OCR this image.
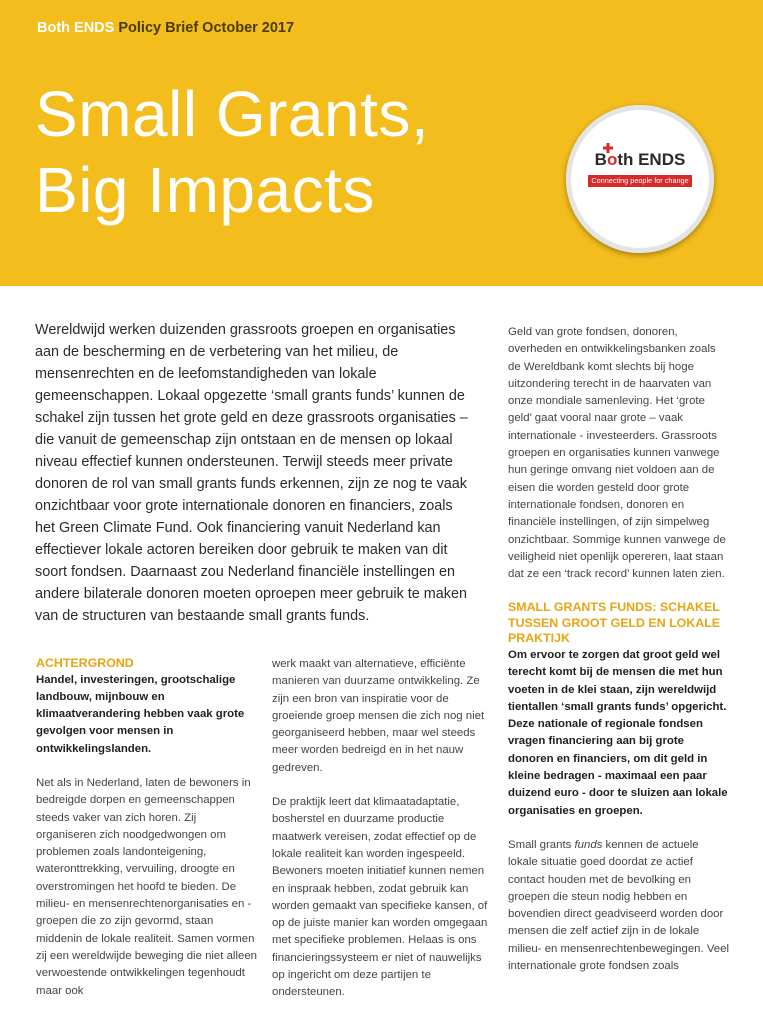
Both ENDS Policy Brief October 2017
Small Grants,
Big Impacts	Both ENDS
Connecting people for change
Wereldwijd werken duizenden grassroots groepen en organisaties aan de bescherming en de verbetering van het milieu, de mensenrechten en de leefomstandigheden van lokale gemeenschappen. Lokaal opgezette ‘small grants funds’ kunnen de schakel zijn tussen het grote geld en deze grassroots organisaties – die vanuit de gemeenschap zijn ontstaan en de mensen op lokaal niveau effectief kunnen ondersteunen. Terwijl steeds meer private donoren de rol van small grants funds erkennen, zijn ze nog te vaak onzichtbaar voor grote internationale donoren en financiers, zoals het Green Climate Fund. Ook financiering vanuit Nederland kan effectiever lokale actoren bereiken door gebruik te maken van dit soort fondsen. Daarnaast zou Nederland financiële instellingen en andere bilaterale donoren moeten oproepen meer gebruik te maken van de structuren van bestaande small grants funds.

ACHTERGROND

Handel, investeringen, grootschalige landbouw, mijnbouw en klimaatverandering hebben vaak grote gevolgen voor mensen in ontwikkelingslanden.

Net als in Nederland, laten de bewoners in bedreigde dorpen en gemeenschappen steeds vaker van zich horen. Zij organiseren zich noodgedwongen om problemen zoals landonteigening, wateronttrekking, vervuiling, droogte en overstromingen het hoofd te bieden. De milieu- en mensenrechtenorganisaties en -groepen die zo zijn gevormd, staan middenin de lokale realiteit. Samen vormen zij een wereldwijde beweging die niet alleen verwoestende ontwikkelingen tegenhoudt maar ook

werk maakt van alternatieve, efficiënte manieren van duurzame ontwikkeling. Ze zijn een bron van inspiratie voor de groeiende groep mensen die zich nog niet georganiseerd hebben, maar wel steeds meer worden bedreigd en in het nauw gedreven.

De praktijk leert dat klimaatadaptatie, bosherstel en duurzame productie maatwerk vereisen, zodat effectief op de lokale realiteit kan worden ingespeeld. Bewoners moeten initiatief kunnen nemen en inspraak hebben, zodat gebruik kan worden gemaakt van specifieke kansen, of op de juiste manier kan worden omgegaan met specifieke problemen. Helaas is ons financieringssysteem er niet of nauwelijks op ingericht om deze partijen te ondersteunen.

Geld van grote fondsen, donoren, overheden en ontwikkelingsbanken zoals de Wereldbank komt slechts bij hoge uitzondering terecht in de haarvaten van onze mondiale samenleving. Het ‘grote geld’ gaat vooral naar grote – vaak internationale - investeerders. Grassroots groepen en organisaties kunnen vanwege hun geringe omvang niet voldoen aan de eisen die worden gesteld door grote internationale fondsen, donoren en financiële instellingen, of zijn simpelweg onzichtbaar. Sommige kunnen vanwege de veiligheid niet openlijk opereren, laat staan dat ze een ‘track record’ kunnen laten zien.

SMALL GRANTS FUNDS: SCHAKEL TUSSEN GROOT GELD EN LOKALE PRAKTIJK

Om ervoor te zorgen dat groot geld wel terecht komt bij de mensen die met hun voeten in de klei staan, zijn wereldwijd tientallen ‘small grants funds’ opgericht. Deze nationale of regionale fondsen vragen financiering aan bij grote donoren en financiers, om dit geld in kleine bedragen - maximaal een paar duizend euro - door te sluizen aan lokale organisaties en groepen.

Small grants funds kennen de actuele lokale situatie goed doordat ze actief contact houden met de bevolking en groepen die steun nodig hebben en bovendien direct geadviseerd worden door mensen die zelf actief zijn in de lokale milieu- en mensenrechtenbewegingen. Veel internationale grote fondsen zoals
